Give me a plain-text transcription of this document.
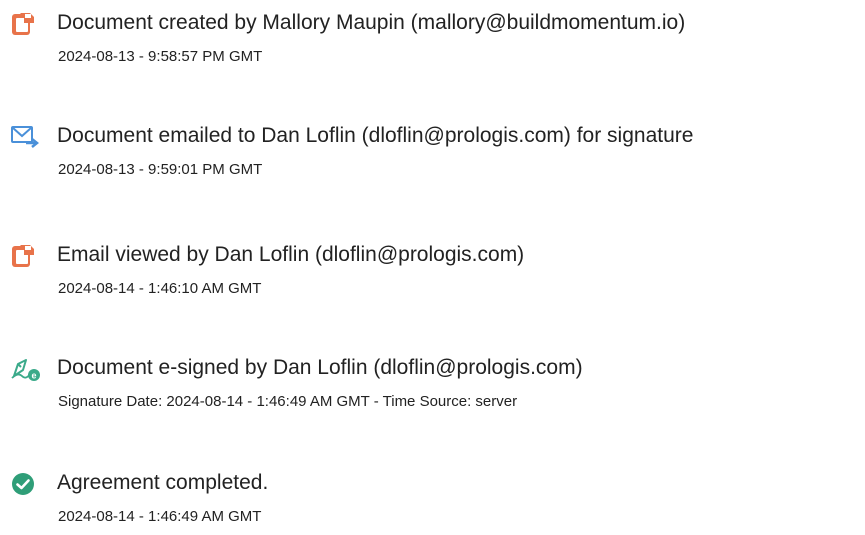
Document created by Mallory Maupin (mallory@buildmomentum.io)
2024-08-13 - 9:58:57 PM GMT
Document emailed to Dan Loflin (dloflin@prologis.com) for signature
2024-08-13 - 9:59:01 PM GMT
Email viewed by Dan Loflin (dloflin@prologis.com)
2024-08-14 - 1:46:10 AM GMT
e Document e-signed by Dan Loflin (dloflin@prologis.com)
Signature Date: 2024-08-14 - 1:46:49 AM GMT - Time Source: server
Agreement completed.
2024-08-14 - 1:46:49 AM GMT
